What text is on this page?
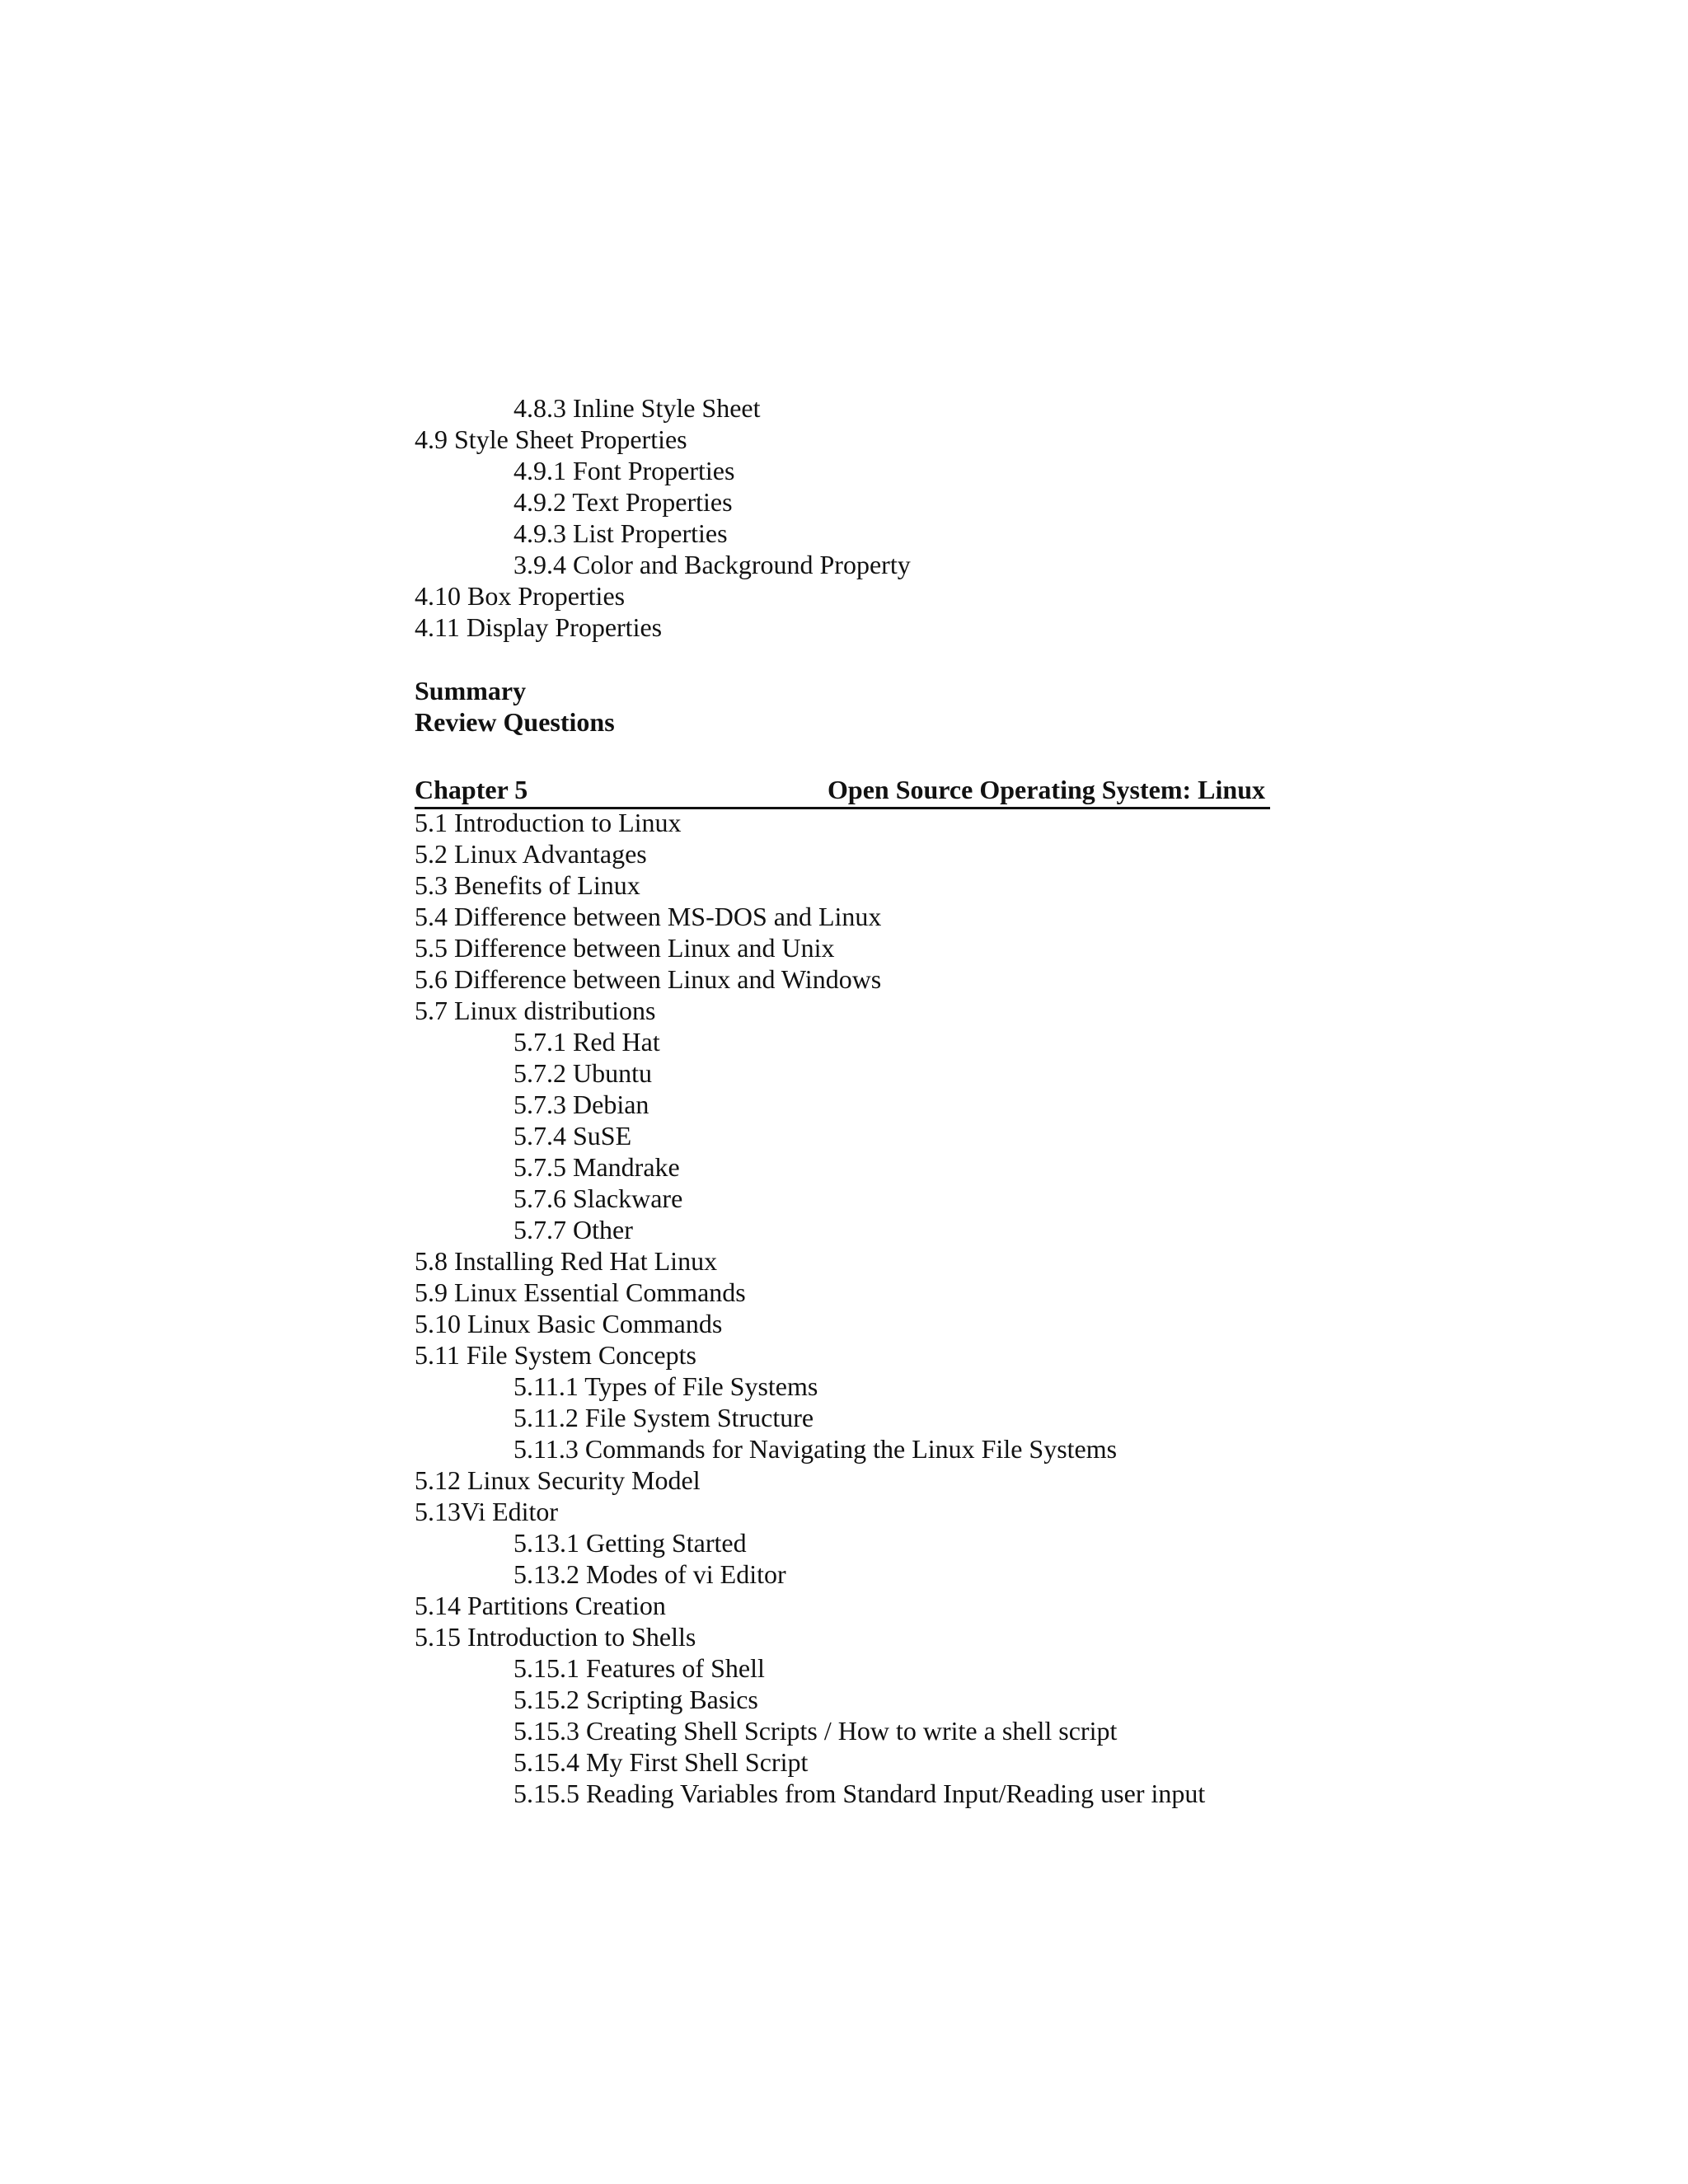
4.8.3 Inline Style Sheet
4.9 Style Sheet Properties
4.9.1 Font Properties
4.9.2 Text Properties
4.9.3 List Properties
3.9.4 Color and Background Property
4.10 Box Properties
4.11 Display Properties
Summary
Review Questions
Chapter 5	Open Source Operating System: Linux
5.1 Introduction to Linux
5.2 Linux Advantages
5.3 Benefits of Linux
5.4 Difference between MS-DOS and Linux
5.5 Difference between Linux and Unix
5.6 Difference between Linux and Windows
5.7 Linux distributions
5.7.1 Red Hat
5.7.2 Ubuntu
5.7.3 Debian
5.7.4 SuSE
5.7.5 Mandrake
5.7.6 Slackware
5.7.7 Other
5.8 Installing Red Hat Linux
5.9 Linux Essential Commands
5.10 Linux Basic Commands
5.11 File System Concepts
5.11.1 Types of File Systems
5.11.2 File System Structure
5.11.3 Commands for Navigating the Linux File Systems
5.12 Linux Security Model
5.13Vi Editor
5.13.1 Getting Started
5.13.2 Modes of vi Editor
5.14 Partitions Creation
5.15 Introduction to Shells
5.15.1 Features of Shell
5.15.2 Scripting Basics
5.15.3 Creating Shell Scripts / How to write a shell script
5.15.4 My First Shell Script
5.15.5 Reading Variables from Standard Input/Reading user input
